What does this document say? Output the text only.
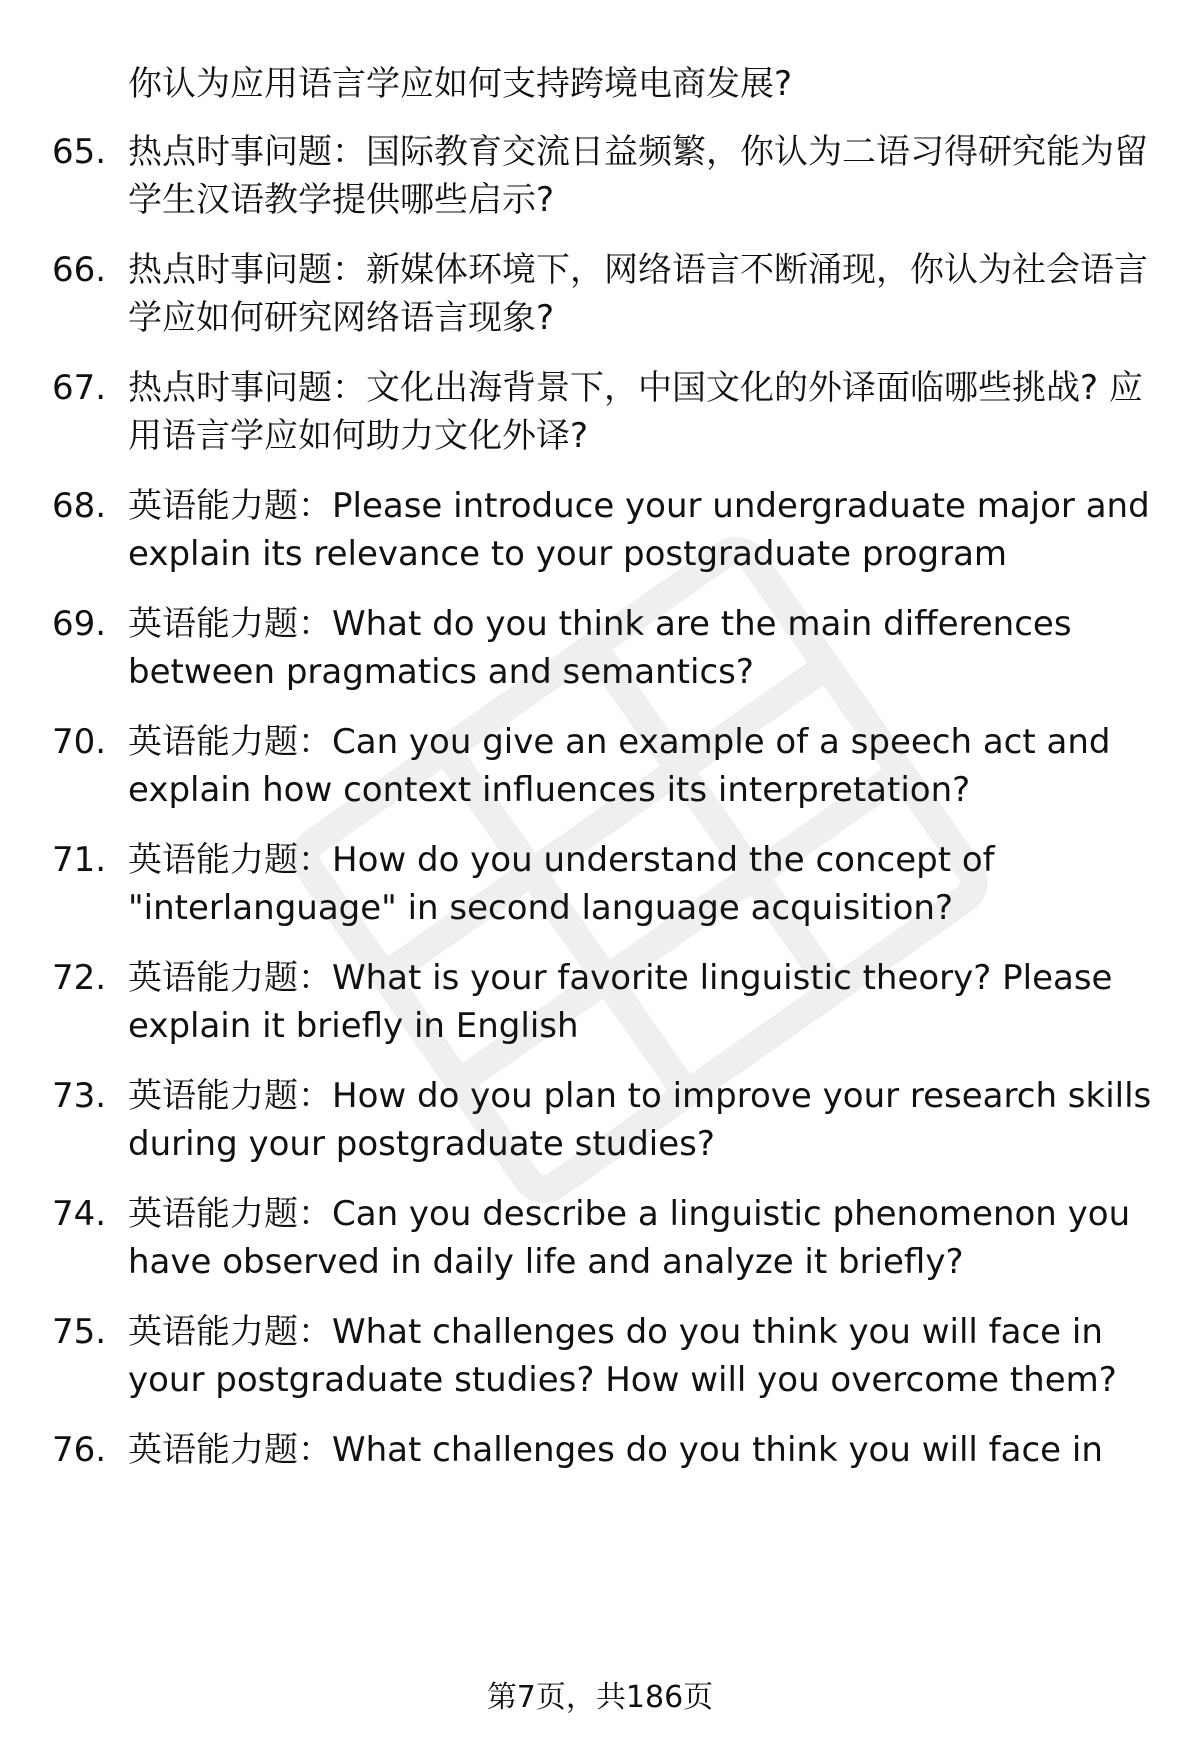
你认为应用语言学应如何支持跨境电商发展?
65. 热点时事问题：国际教育交流日益频繁，你认为二语习得研究能为留学生汉语教学提供哪些启示?
66. 热点时事问题：新媒体环境下，网络语言不断涌现，你认为社会语言学应如何研究网络语言现象?
67. 热点时事问题：文化出海背景下，中国文化的外译面临哪些挑战? 应用语言学应如何助力文化外译?
68. 英语能力题：Please introduce your undergraduate major and explain its relevance to your postgraduate program
69. 英语能力题：What do you think are the main differences between pragmatics and semantics?
70. 英语能力题：Can you give an example of a speech act and explain how context influences its interpretation?
71. 英语能力题：How do you understand the concept of "interlanguage" in second language acquisition?
72. 英语能力题：What is your favorite linguistic theory? Please explain it briefly in English
73. 英语能力题：How do you plan to improve your research skills during your postgraduate studies?
74. 英语能力题：Can you describe a linguistic phenomenon you have observed in daily life and analyze it briefly?
75. 英语能力题：What challenges do you think you will face in your postgraduate studies? How will you overcome them?
76. 英语能力题：What challenges do you think you will face in
第7页，共186页
